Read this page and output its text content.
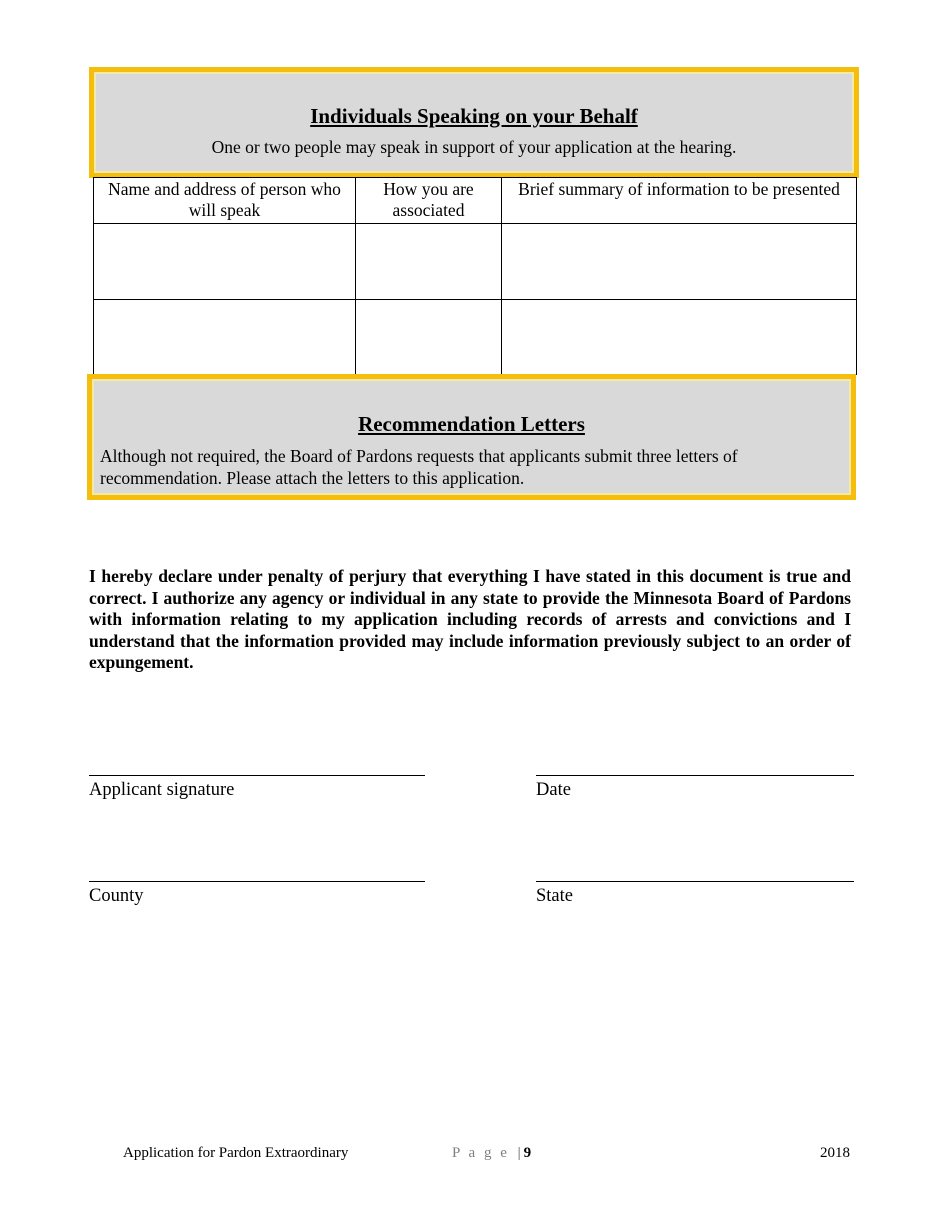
Individuals Speaking on your Behalf
One or two people may speak in support of your application at the hearing.
Name and address of person who will speak	How you are associated	Brief summary of information to be presented

Recommendation Letters
Although not required, the Board of Pardons requests that applicants submit three letters of recommendation. Please attach the letters to this application.
I hereby declare under penalty of perjury that everything I have stated in this document is true and correct. I authorize any agency or individual in any state to provide the Minnesota Board of Pardons with information relating to my application including records of arrests and convictions and I understand that the information provided may include information previously subject to an order of expungement.
Applicant signature	Date
County	State
Application for Pardon Extraordinary	P a g e | 9	2018
